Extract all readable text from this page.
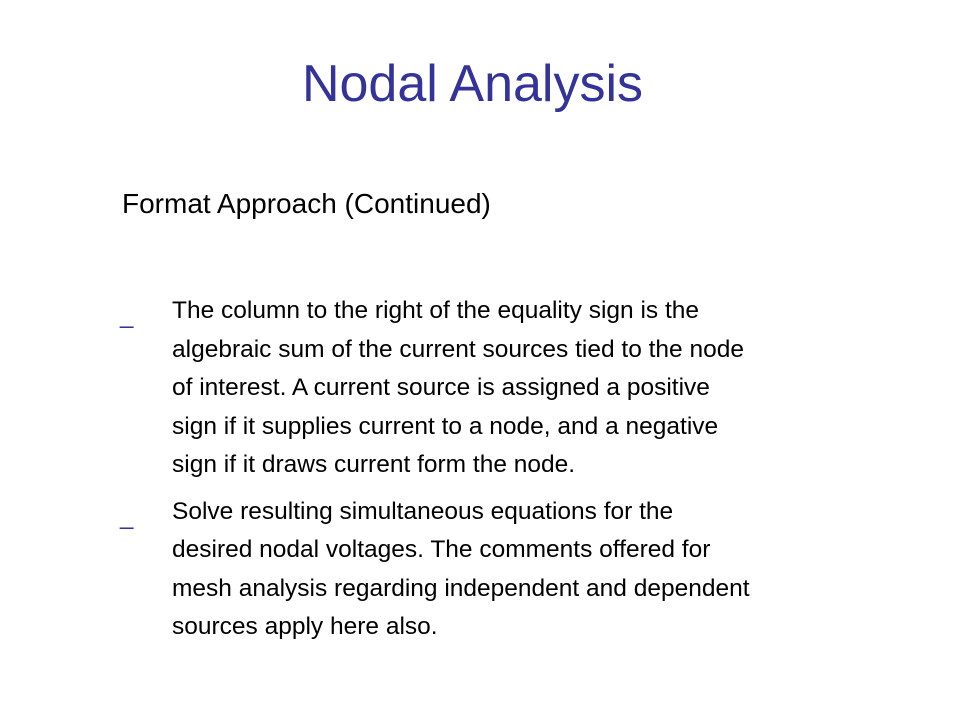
Nodal Analysis
Format Approach (Continued)
_ The column to the right of the equality sign is the
algebraic sum of the current sources tied to the node
of interest. A current source is assigned a positive
sign if it supplies current to a node, and a negative
sign if it draws current form the node.
_ Solve resulting simultaneous equations for the
desired nodal voltages. The comments offered for
mesh analysis regarding independent and dependent
sources apply here also.
